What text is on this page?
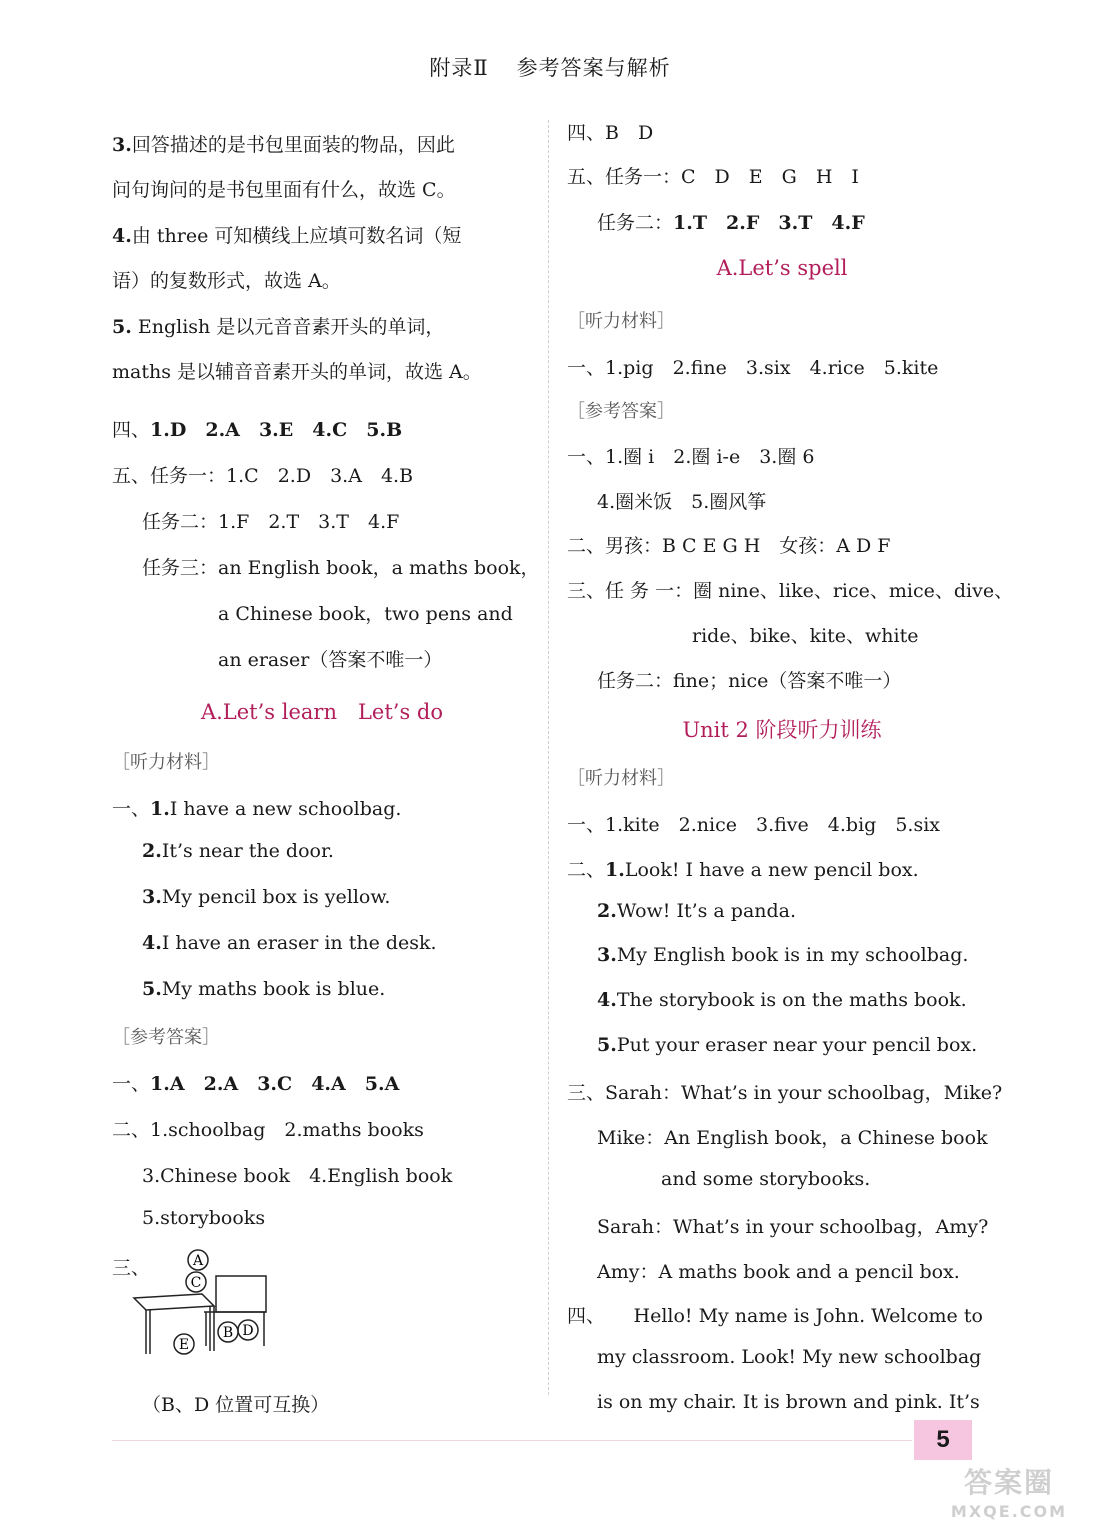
附录Ⅱ 参考答案与解析
3.回答描述的是书包里面装的物品，因此
问句询问的是书包里面有什么，故选 C。
4.由 three 可知横线上应填可数名词（短
语）的复数形式，故选 A。
5. English 是以元音音素开头的单词，
maths 是以辅音音素开头的单词，故选 A。
四、1.D　 2.A　 3.E　 4.C　 5.B
五、任务一：1.C　 2.D　 3.A　 4.B
任务二：1.F　 2.T　 3.T　 4.F
任务三：an English book，a maths book，
a Chinese book，two pens and
an eraser（答案不唯一）
A.Let’s learn　Let’s do
［听力材料］
一、1.I have a new schoolbag.
2.It’s near the door.
3.My pencil box is yellow.
4.I have an eraser in the desk.
5.My maths book is blue.
［参考答案］
一、1.A　 2.A　 3.C　 4.A　 5.A
二、1.schoolbag　 2.maths books
3.Chinese book　 4.English book
5.storybooks
三、	A
C
B D
E
（B、D 位置可互换）
四、B　D
五、任务一：C　D　E　G　H　I
任务二：1.T　 2.F　 3.T　 4.F
A.Let’s spell
［听力材料］
一、1.pig　 2.fine　 3.six　 4.rice　 5.kite
［参考答案］
一、1.圈 i　 2.圈 i-e　 3.圈 6
4.圈米饭　 5.圈风筝
二、男孩：B C E G H　女孩：A D F
三、任 务 一：圈 nine、like、rice、mice、dive、
ride、bike、kite、white
任务二：fine；nice（答案不唯一）
Unit 2 阶段听力训练
［听力材料］
一、1.kite　 2.nice　 3.five　 4.big　 5.six
二、1.Look! I have a new pencil box.
2.Wow! It’s a panda.
3.My English book is in my schoolbag.
4.The storybook is on the maths book.
5.Put your eraser near your pencil box.
三、Sarah：What’s in your schoolbag，Mike?
Mike：An English book，a Chinese book
and some storybooks.
Sarah：What’s in your schoolbag，Amy?
Amy：A maths book and a pencil box.
四、　　Hello! My name is John. Welcome to
my classroom. Look! My new schoolbag
is on my chair. It is brown and pink. It’s
5
答案圈
MXQE.COM
